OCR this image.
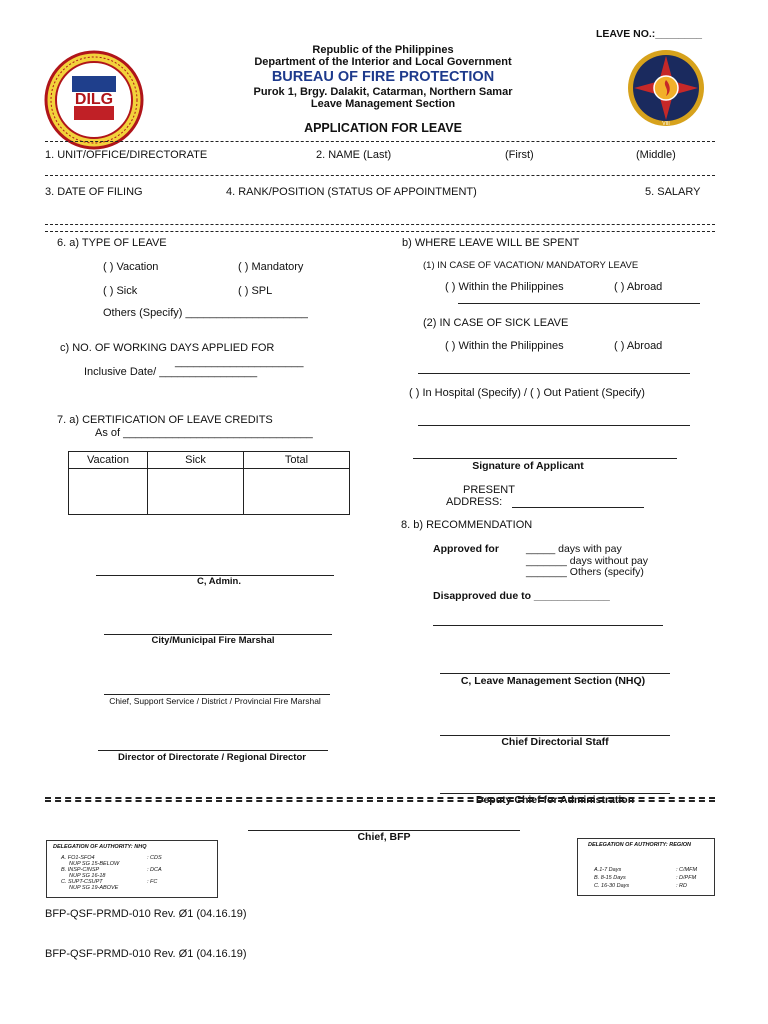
LEAVE NO.:________
DILG
VIII
Republic of the Philippines
Department of the Interior and Local Government
BUREAU OF FIRE PROTECTION
Purok 1, Brgy. Dalakit, Catarman, Northern Samar
Leave Management Section
APPLICATION FOR LEAVE
1. UNIT/OFFICE/DIRECTORATE	2. NAME (Last)	(First)	(Middle)
3. DATE OF FILING	4. RANK/POSITION (STATUS OF APPOINTMENT)	5. SALARY
6. a) TYPE OF LEAVE
( ) Vacation	( ) Mandatory
( ) Sick	( ) SPL
Others (Specify) ____________________
c) NO. OF WORKING DAYS APPLIED FOR
_____________________
Inclusive Date/ ________________
7. a) CERTIFICATION OF LEAVE CREDITS
As of _______________________________
Vacation	Sick	Total

C, Admin.
City/Municipal Fire Marshal
Chief, Support Service / District / Provincial Fire Marshal
Director of Directorate / Regional Director
b) WHERE LEAVE WILL BE SPENT
(1) IN CASE OF VACATION/ MANDATORY LEAVE
( ) Within the Philippines	( ) Abroad
(2) IN CASE OF SICK LEAVE
( ) Within the Philippines	( ) Abroad
( ) In Hospital (Specify) / ( ) Out Patient (Specify)
Signature of Applicant
PRESENT
ADDRESS:
8. b) RECOMMENDATION
Approved for	_____ days with pay
_______ days without pay
_______ Others (specify)
Disapproved due to _____________
C, Leave Management Section (NHQ)
Chief Directorial Staff
Deputy Chief for Administration
Chief, BFP
DELEGATION OF AUTHORITY: NHQ
A. FO1-SFO4	: CDS
NUP SG 15-BELOW
B. INSP-CINSP	: DCA
NUP SG 16-18
C. SUPT-CSUPT	: FC
NUP SG 19-ABOVE
DELEGATION OF AUTHORITY: REGION
A.1-7 Days	: C/MFM
B. 8-15 Days	: D/PFM
C. 16-30 Days	: RD
BFP-QSF-PRMD-010 Rev. Ø1 (04.16.19)
BFP-QSF-PRMD-010 Rev. Ø1 (04.16.19)
